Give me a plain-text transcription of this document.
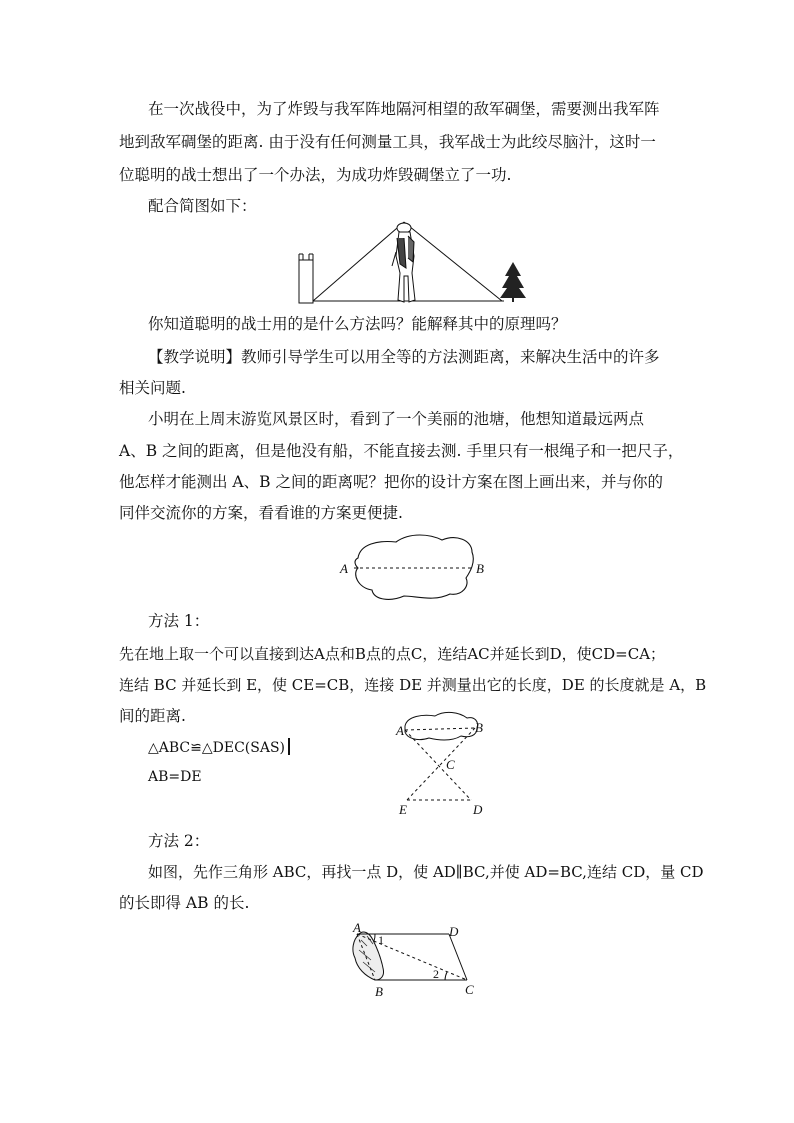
在一次战役中，为了炸毁与我军阵地隔河相望的敌军碉堡，需要测出我军阵
地到敌军碉堡的距离. 由于没有任何测量工具，我军战士为此绞尽脑汁，这时一
位聪明的战士想出了一个办法，为成功炸毁碉堡立了一功.
配合简图如下：
你知道聪明的战士用的是什么方法吗？能解释其中的原理吗？
【教学说明】教师引导学生可以用全等的方法测距离，来解决生活中的许多
相关问题.
小明在上周末游览风景区时，看到了一个美丽的池塘，他想知道最远两点
A、B 之间的距离，但是他没有船，不能直接去测. 手里只有一根绳子和一把尺子，
他怎样才能测出 A、B 之间的距离呢？把你的设计方案在图上画出来，并与你的
同伴交流你的方案，看看谁的方案更便捷.
A	B
方法 1：
先在地上取一个可以直接到达A点和B点的点C，连结AC并延长到D，使CD=CA；
连结 BC 并延长到 E，使 CE=CB，连接 DE 并测量出它的长度，DE 的长度就是 A，B
间的距离.
△ABC≌△DEC(SAS)
AB=DE
A	B
C
E	D
方法 2：
如图，先作三角形 ABC，再找一点 D，使 AD∥BC,并使 AD=BC,连结 CD，量 CD
的长即得 AB 的长.
A	D
B	C
1
2
